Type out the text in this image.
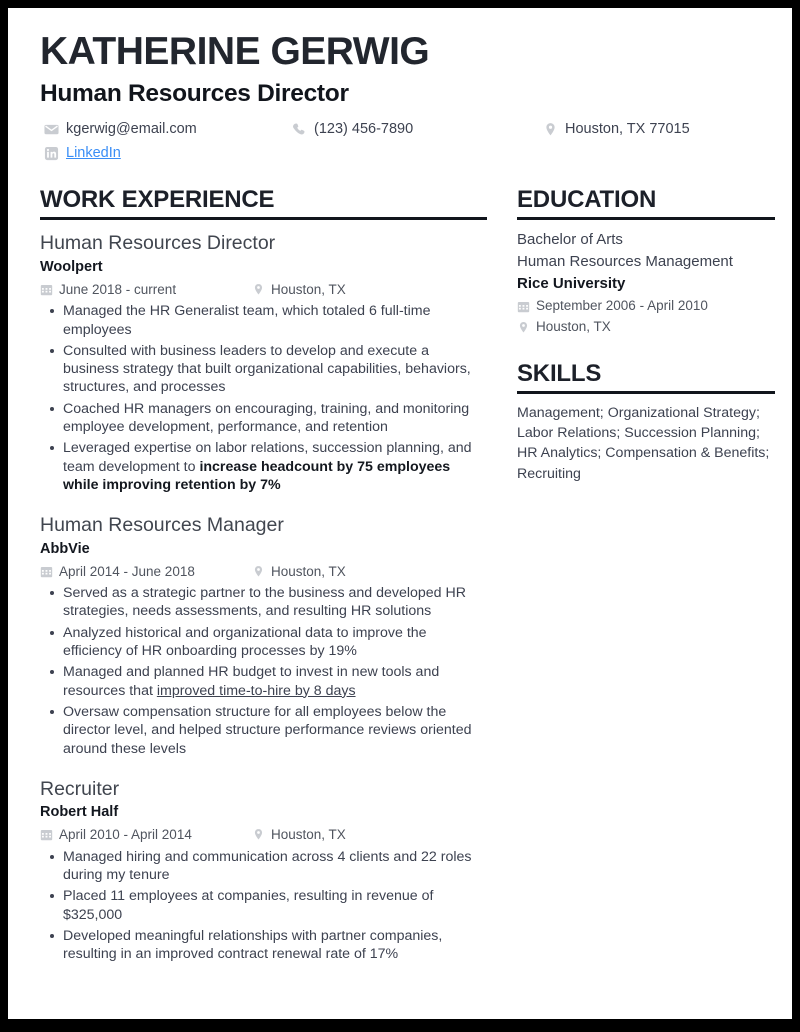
KATHERINE GERWIG
Human Resources Director
kgerwig@email.com	(123) 456-7890	Houston, TX 77015
LinkedIn
WORK EXPERIENCE
Human Resources Director
Woolpert
June 2018 - current	Houston, TX
Managed the HR Generalist team, which totaled 6 full-time employees
Consulted with business leaders to develop and execute a business strategy that built organizational capabilities, behaviors, structures, and processes
Coached HR managers on encouraging, training, and monitoring employee development, performance, and retention
Leveraged expertise on labor relations, succession planning, and team development to increase headcount by 75 employees while improving retention by 7%
Human Resources Manager
AbbVie
April 2014 - June 2018	Houston, TX
Served as a strategic partner to the business and developed HR strategies, needs assessments, and resulting HR solutions
Analyzed historical and organizational data to improve the efficiency of HR onboarding processes by 19%
Managed and planned HR budget to invest in new tools and resources that improved time-to-hire by 8 days
Oversaw compensation structure for all employees below the director level, and helped structure performance reviews oriented around these levels
Recruiter
Robert Half
April 2010 - April 2014	Houston, TX
Managed hiring and communication across 4 clients and 22 roles during my tenure
Placed 11 employees at companies, resulting in revenue of $325,000
Developed meaningful relationships with partner companies, resulting in an improved contract renewal rate of 17%
EDUCATION
Bachelor of Arts
Human Resources Management
Rice University
September 2006 - April 2010
Houston, TX
SKILLS
Management; Organizational Strategy; Labor Relations; Succession Planning; HR Analytics; Compensation & Benefits; Recruiting
